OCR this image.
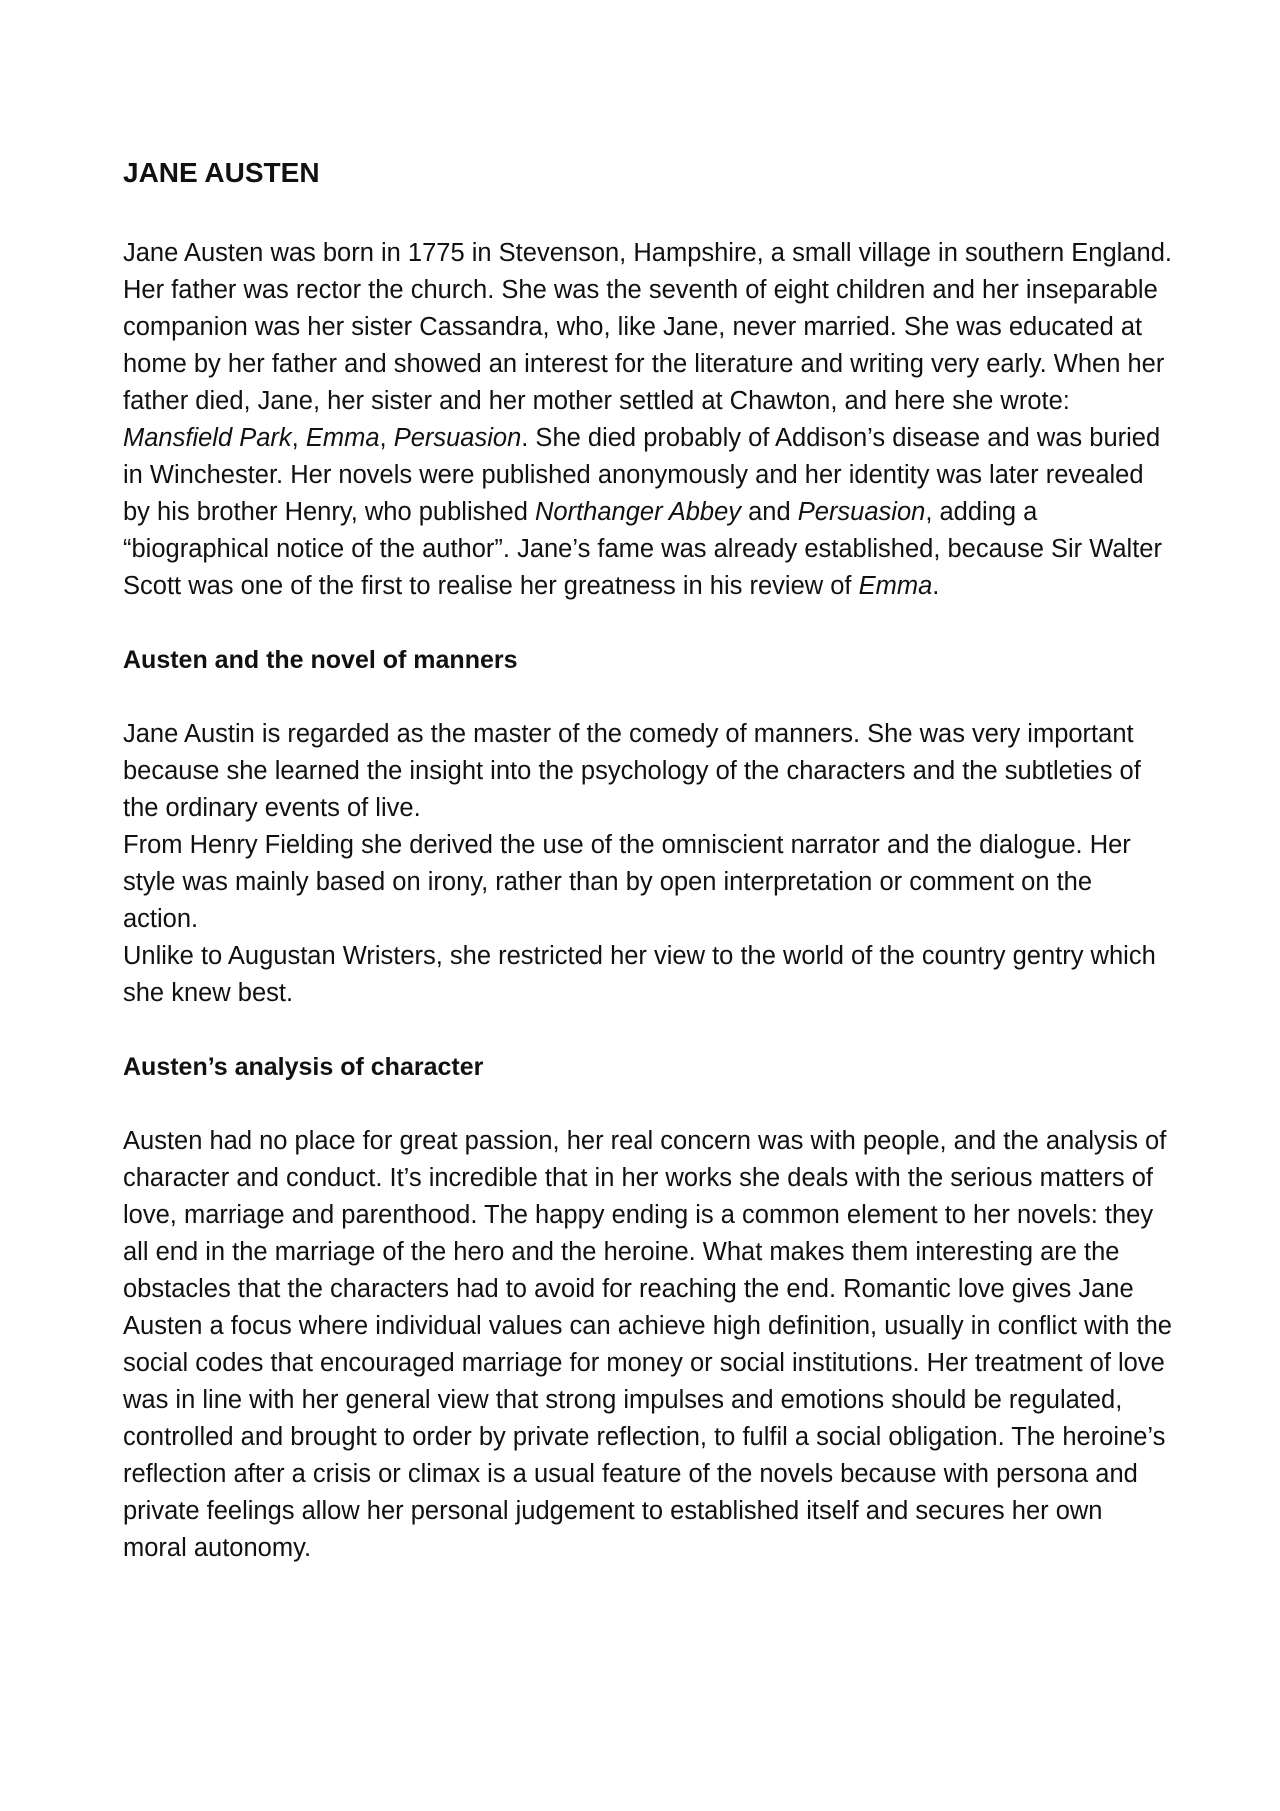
JANE AUSTEN

Jane Austen was born in 1775 in Stevenson, Hampshire, a small village in southern England. Her father was rector the church. She was the seventh of eight children and her inseparable companion was her sister Cassandra, who, like Jane, never married. She was educated at home by her father and showed an interest for the literature and writing very early. When her father died, Jane, her sister and her mother settled at Chawton, and here she wrote: Mansfield Park, Emma, Persuasion. She died probably of Addison’s disease and was buried in Winchester. Her novels were published anonymously and her identity was later revealed by his brother Henry, who published Northanger Abbey and Persuasion, adding a “biographical notice of the author”. Jane’s fame was already established, because Sir Walter Scott was one of the first to realise her greatness in his review of Emma.

Austen and the novel of manners

Jane Austin is regarded as the master of the comedy of manners. She was very important because she learned the insight into the psychology of the characters and the subtleties of the ordinary events of live.

From Henry Fielding she derived the use of the omniscient narrator and the dialogue. Her style was mainly based on irony, rather than by open interpretation or comment on the action.

Unlike to Augustan Wristers, she restricted her view to the world of the country gentry which she knew best.

Austen’s analysis of character

Austen had no place for great passion, her real concern was with people, and the analysis of character and conduct. It’s incredible that in her works she deals with the serious matters of love, marriage and parenthood. The happy ending is a common element to her novels: they all end in the marriage of the hero and the heroine. What makes them interesting are the obstacles that the characters had to avoid for reaching the end. Romantic love gives Jane Austen a focus where individual values can achieve high definition, usually in conflict with the social codes that encouraged marriage for money or social institutions. Her treatment of love was in line with her general view that strong impulses and emotions should be regulated, controlled and brought to order by private reflection, to fulfil a social obligation. The heroine’s reflection after a crisis or climax is a usual feature of the novels because with persona and private feelings allow her personal judgement to established itself and secures her own moral autonomy.
